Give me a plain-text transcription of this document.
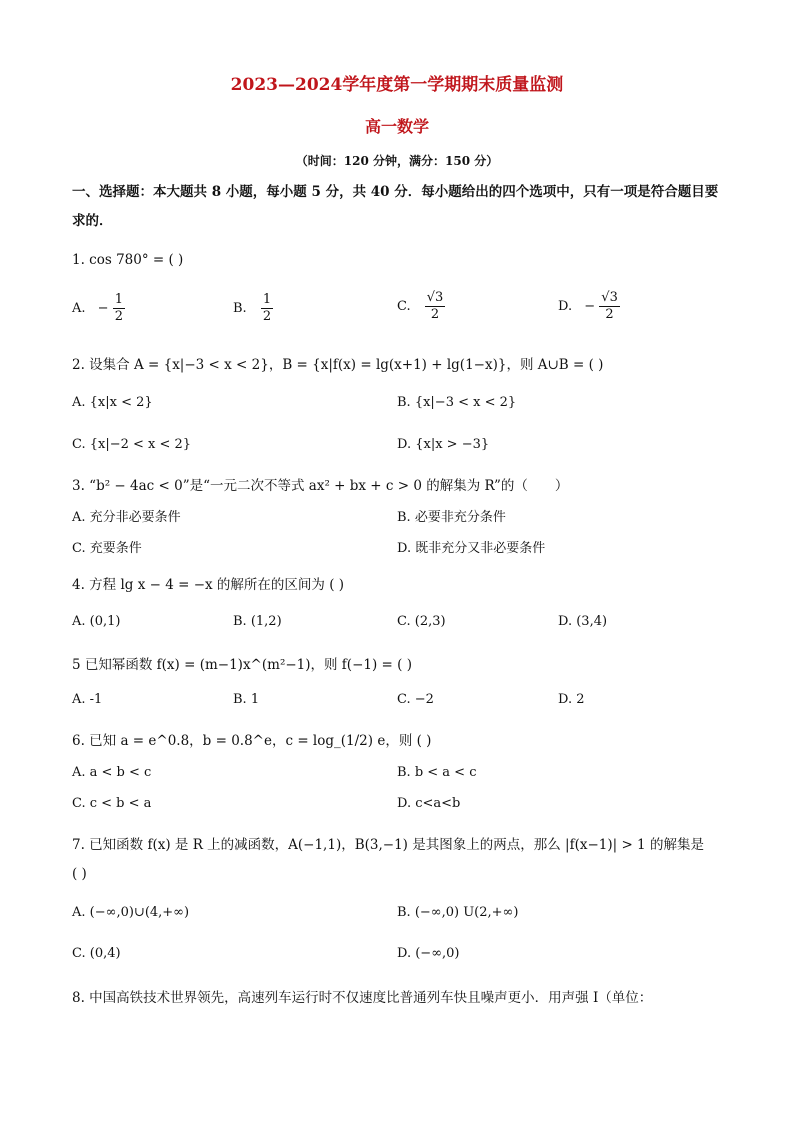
2023—2024学年度第一学期期末质量监测
高一数学
（时间：120 分钟，满分：150 分）
一、选择题：本大题共 8 小题，每小题 5 分，共 40 分．每小题给出的四个选项中，只有一项是符合题目要求的．
1. cos 780° = ( )
A. − $\frac{1}{2}$	B. $\frac{1}{2}$	C. $\frac{√3}{2}$	D. − $\frac{√3}{2}$
2. 设集合 A = {x|−3 < x < 2}，B = {x|f(x) = lg(x+1) + lg(1−x)}，则 A∪B = ( )
A. {x|x < 2}	B. {x|−3 < x < 2}
C. {x|−2 < x < 2}	D. {x|x > −3}
3. “b² − 4ac < 0”是“一元二次不等式 ax² + bx + c > 0 的解集为 R”的（　　）
A. 充分非必要条件	B. 必要非充分条件
C. 充要条件	D. 既非充分又非必要条件
4. 方程 lg x − 4 = −x 的解所在的区间为 ( )
A. (0,1)	B. (1,2)	C. (2,3)	D. (3,4)
5 已知幂函数 f(x) = (m−1)x^(m²−1)，则 f(−1) = ( )
A. -1	B. 1	C. −2	D. 2
6. 已知 a = e^0.8，b = 0.8^e，c = log_(1/2) e，则 ( )
A. a < b < c	B. b < a < c
C. c < b < a	D. c<a<b
7. 已知函数 f(x) 是 R 上的减函数，A(−1,1)，B(3,−1) 是其图象上的两点，那么 |f(x−1)| > 1 的解集是
( )
A. (−∞,0)∪(4,+∞)	B. (−∞,0) U(2,+∞)
C. (0,4)	D. (−∞,0)
8. 中国高铁技术世界领先，高速列车运行时不仅速度比普通列车快且噪声更小．用声强 I（单位：
